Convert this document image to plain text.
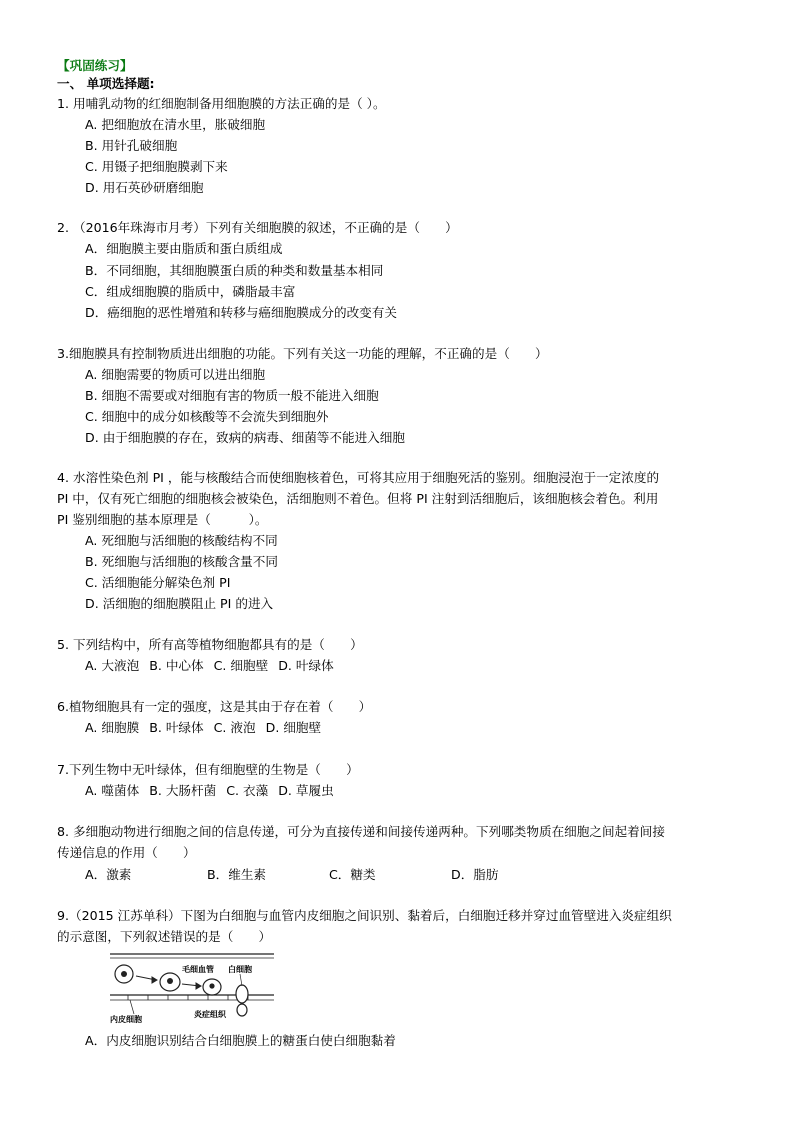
【巩固练习】
一、 单项选择题:
1. 用哺乳动物的红细胞制备用细胞膜的方法正确的是（ ）。
A. 把细胞放在清水里，胀破细胞
B. 用针孔破细胞
C. 用镊子把细胞膜剥下来
D. 用石英砂研磨细胞
2. （2016年珠海市月考）下列有关细胞膜的叙述，不正确的是（　　）
A．细胞膜主要由脂质和蛋白质组成
B．不同细胞，其细胞膜蛋白质的种类和数量基本相同
C．组成细胞膜的脂质中，磷脂最丰富
D．癌细胞的恶性增殖和转移与癌细胞膜成分的改变有关
3.细胞膜具有控制物质进出细胞的功能。下列有关这一功能的理解，不正确的是（　　）
A. 细胞需要的物质可以进出细胞
B. 细胞不需要或对细胞有害的物质一般不能进入细胞
C. 细胞中的成分如核酸等不会流失到细胞外
D. 由于细胞膜的存在，致病的病毒、细菌等不能进入细胞
4. 水溶性染色剂 PI ，能与核酸结合而使细胞核着色，可将其应用于细胞死活的鉴别。细胞浸泡于一定浓度的
PI 中，仅有死亡细胞的细胞核会被染色，活细胞则不着色。但将 PI 注射到活细胞后，该细胞核会着色。利用
PI 鉴别细胞的基本原理是（　　　）。
A. 死细胞与活细胞的核酸结构不同
B. 死细胞与活细胞的核酸含量不同
C. 活细胞能分解染色剂 PI
D. 活细胞的细胞膜阻止 PI 的进入
5. 下列结构中，所有高等植物细胞都具有的是（　　）
A. 大液泡 B. 中心体 C. 细胞壁 D. 叶绿体
6.植物细胞具有一定的强度，这是其由于存在着（　　）
A. 细胞膜 B. 叶绿体 C. 液泡 D. 细胞壁
7.下列生物中无叶绿体，但有细胞壁的生物是（　　）
A. 噬菌体 B. 大肠杆菌 C. 衣藻 D. 草履虫
8. 多细胞动物进行细胞之间的信息传递，可分为直接传递和间接传递两种。下列哪类物质在细胞之间起着间接
传递信息的作用（　　）
A．激素	B．维生素	C．糖类	D．脂肪
9.（2015 江苏单科）下图为白细胞与血管内皮细胞之间识别、黏着后，白细胞迁移并穿过血管壁进入炎症组织
的示意图，下列叙述错误的是（　　）
毛细血管 白细胞
内皮细胞
炎症组织
A．内皮细胞识别结合白细胞膜上的糖蛋白使白细胞黏着
